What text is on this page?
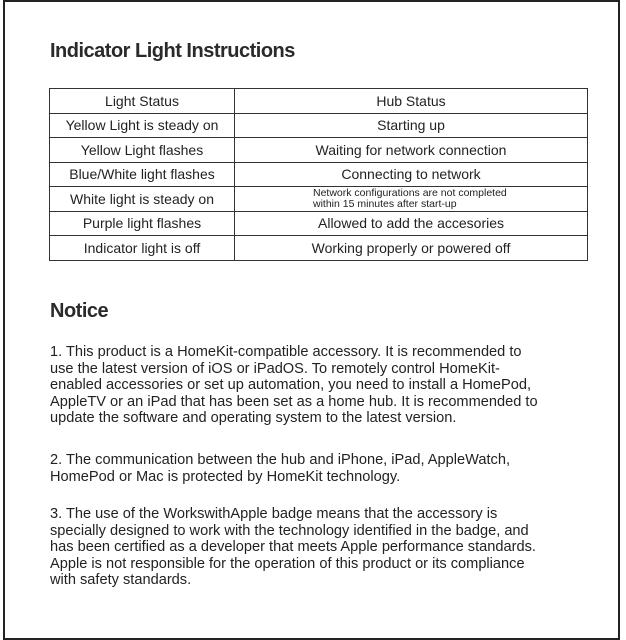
Indicator Light Instructions
Light Status	Hub Status
Yellow Light is steady on	Starting up
Yellow Light flashes	Waiting for network connection
Blue/White light flashes	Connecting to network
White light is steady on	Network configurations are not completed
within 15 minutes after start-up
Purple light flashes	Allowed to add the accesories
Indicator light is off	Working properly or powered off
Notice

1. This product is a HomeKit-compatible accessory. It is recommended to
use the latest version of iOS or iPadOS. To remotely control HomeKit-
enabled accessories or set up automation, you need to install a HomePod,
AppleTV or an iPad that has been set as a home hub. It is recommended to
update the software and operating system to the latest version.

2. The communication between the hub and iPhone, iPad, AppleWatch,
HomePod or Mac is protected by HomeKit technology.

3. The use of the WorkswithApple badge means that the accessory is
specially designed to work with the technology identified in the badge, and
has been certified as a developer that meets Apple performance standards.
Apple is not responsible for the operation of this product or its compliance
with safety standards.
